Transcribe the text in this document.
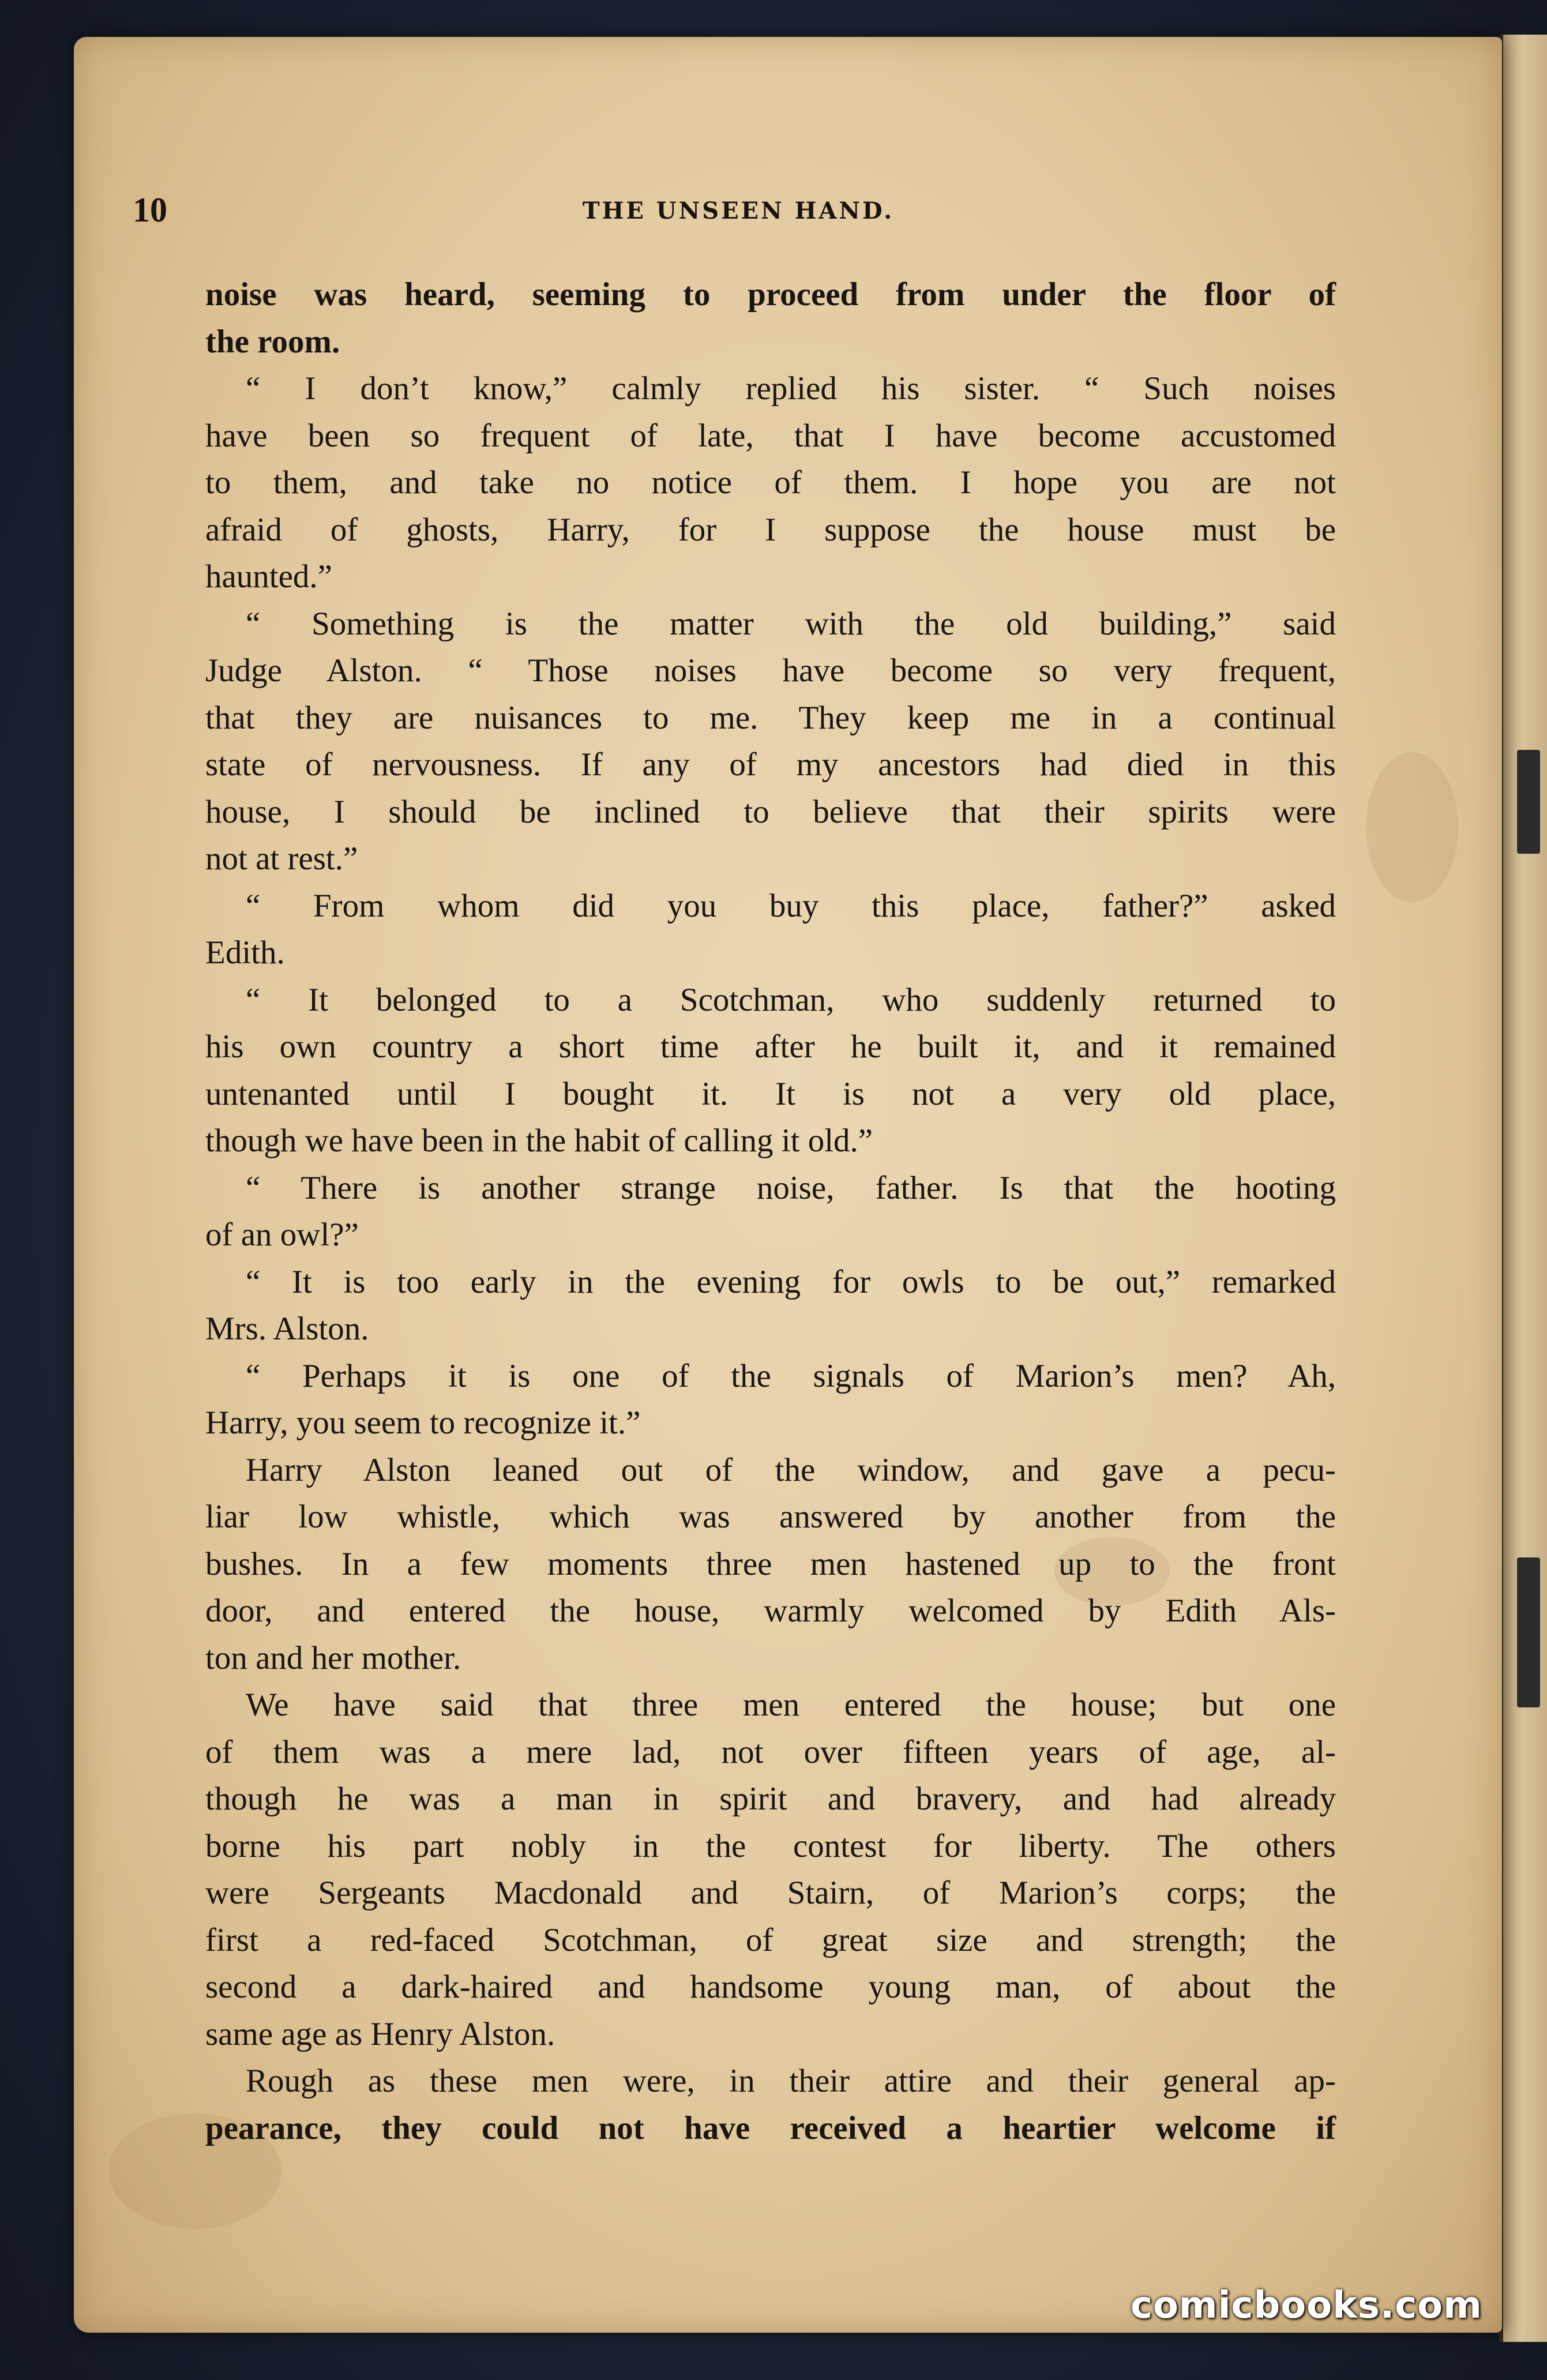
10	THE UNSEEN HAND.
noise was heard, seeming to proceed from under the floor of
the room.
“ I don’t know,” calmly replied his sister. “ Such noises
have been so frequent of late, that I have become accustomed
to them, and take no notice of them. I hope you are not
afraid of ghosts, Harry, for I suppose the house must be
haunted.”
“ Something is the matter with the old building,” said
Judge Alston. “ Those noises have become so very frequent,
that they are nuisances to me. They keep me in a continual
state of nervousness. If any of my ancestors had died in this
house, I should be inclined to believe that their spirits were
not at rest.”
“ From whom did you buy this place, father?” asked
Edith.
“ It belonged to a Scotchman, who suddenly returned to
his own country a short time after he built it, and it remained
untenanted until I bought it. It is not a very old place,
though we have been in the habit of calling it old.”
“ There is another strange noise, father. Is that the hooting
of an owl?”
“ It is too early in the evening for owls to be out,” remarked
Mrs. Alston.
“ Perhaps it is one of the signals of Marion’s men? Ah,
Harry, you seem to recognize it.”
Harry Alston leaned out of the window, and gave a pecu-
liar low whistle, which was answered by another from the
bushes. In a few moments three men hastened up to the front
door, and entered the house, warmly welcomed by Edith Als-
ton and her mother.
We have said that three men entered the house; but one
of them was a mere lad, not over fifteen years of age, al-
though he was a man in spirit and bravery, and had already
borne his part nobly in the contest for liberty. The others
were Sergeants Macdonald and Stairn, of Marion’s corps; the
first a red-faced Scotchman, of great size and strength; the
second a dark-haired and handsome young man, of about the
same age as Henry Alston.
Rough as these men were, in their attire and their general ap-
pearance, they could not have received a heartier welcome if
comicbooks.com
